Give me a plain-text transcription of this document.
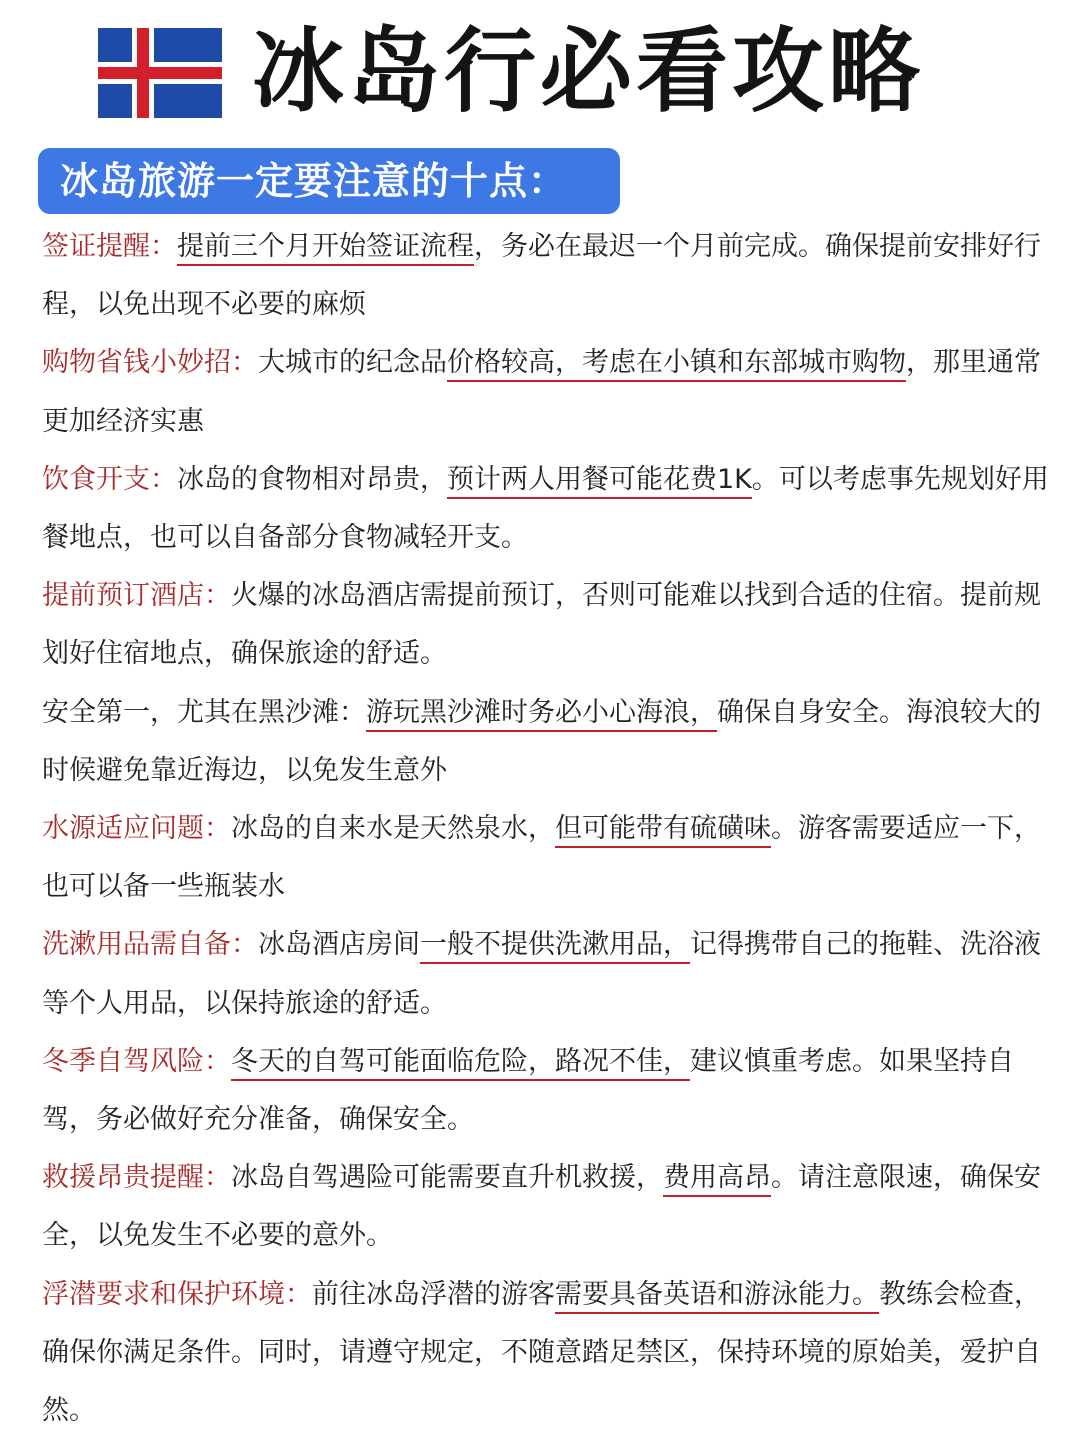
冰岛行必看攻略
冰岛旅游一定要注意的十点：

签证提醒：提前三个月开始签证流程，务必在最迟一个月前完成。确保提前安排好行程，以免出现不必要的麻烦

购物省钱小妙招：大城市的纪念品价格较高，考虑在小镇和东部城市购物，那里通常更加经济实惠

饮食开支：冰岛的食物相对昂贵，预计两人用餐可能花费1K。可以考虑事先规划好用餐地点，也可以自备部分食物减轻开支。

提前预订酒店：火爆的冰岛酒店需提前预订，否则可能难以找到合适的住宿。提前规划好住宿地点，确保旅途的舒适。

安全第一，尤其在黑沙滩：游玩黑沙滩时务必小心海浪，确保自身安全。海浪较大的时候避免靠近海边，以免发生意外

水源适应问题：冰岛的自来水是天然泉水，但可能带有硫磺味。游客需要适应一下，也可以备一些瓶装水

洗漱用品需自备：冰岛酒店房间一般不提供洗漱用品，记得携带自己的拖鞋、洗浴液等个人用品，以保持旅途的舒适。

冬季自驾风险：冬天的自驾可能面临危险，路况不佳，建议慎重考虑。如果坚持自驾，务必做好充分准备，确保安全。

救援昂贵提醒：冰岛自驾遇险可能需要直升机救援，费用高昂。请注意限速，确保安全，以免发生不必要的意外。

浮潜要求和保护环境：前往冰岛浮潜的游客需要具备英语和游泳能力。教练会检查，确保你满足条件。同时，请遵守规定，不随意踏足禁区，保持环境的原始美，爱护自然。
